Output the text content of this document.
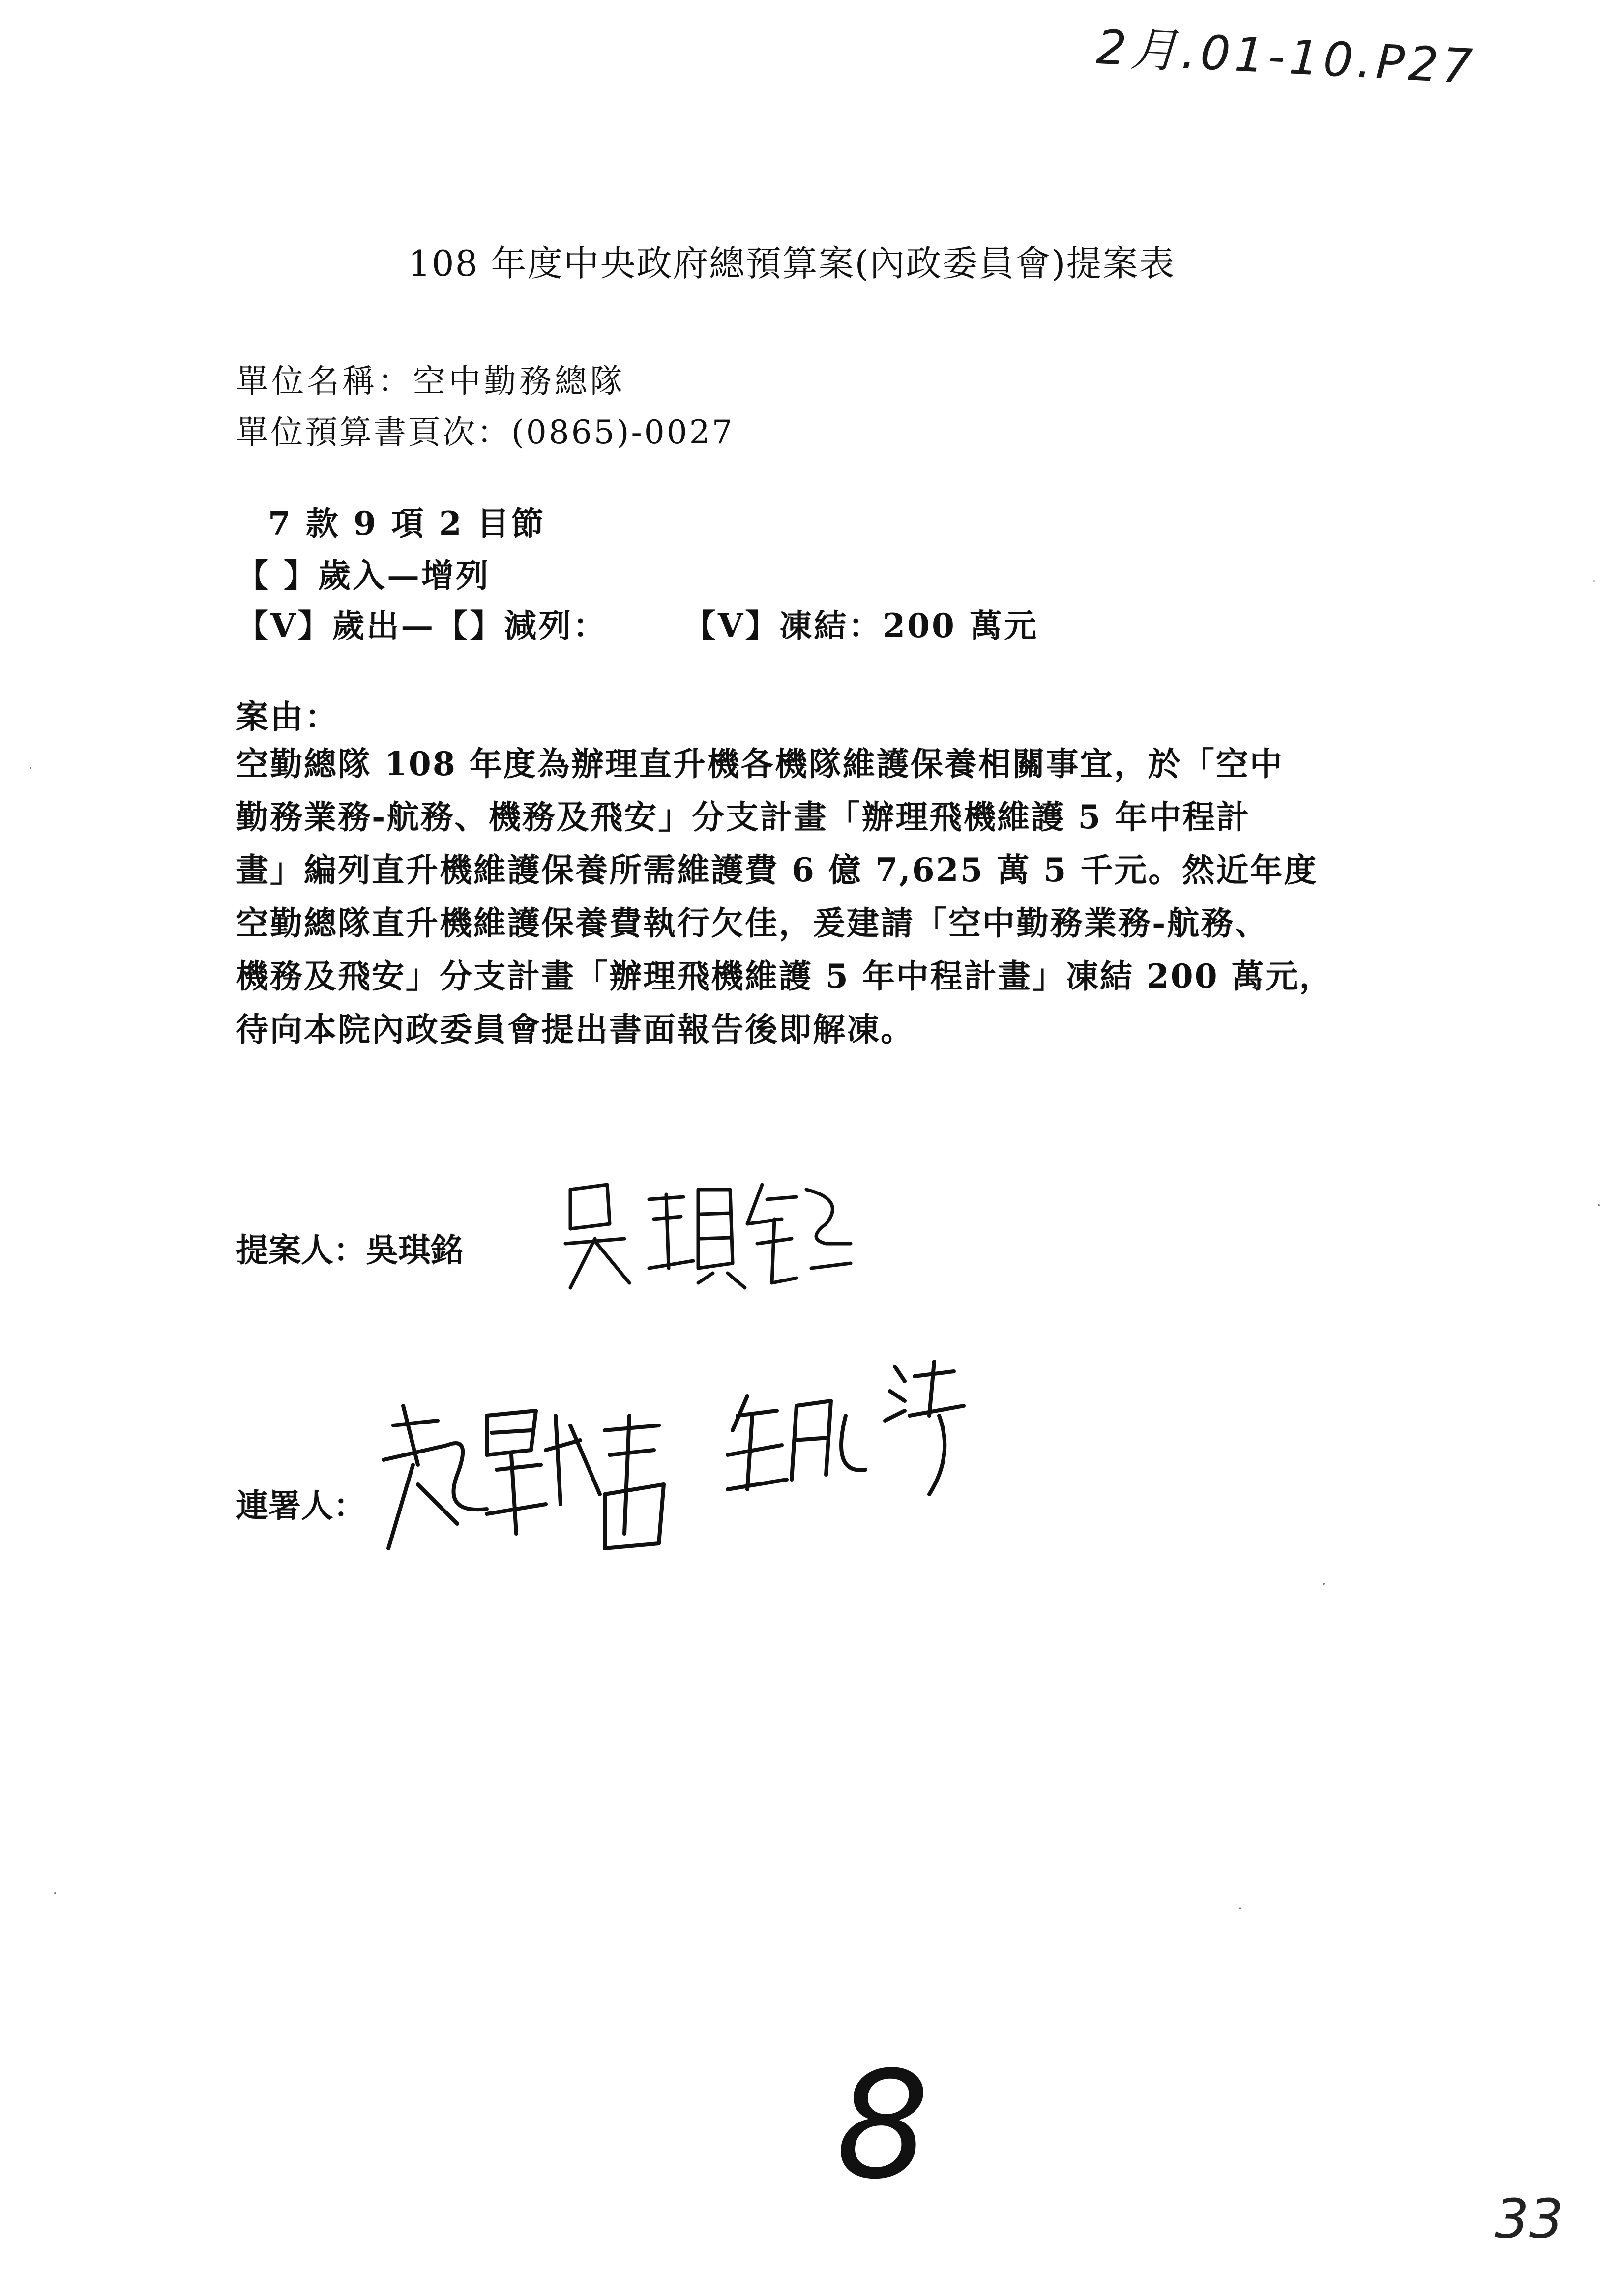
2月.01-10.P27
108 年度中央政府總預算案(內政委員會)提案表
單位名稱：空中勤務總隊
單位預算書頁次：(0865)-0027
7 款 9 項 2 目節
【 】歲入—增列
【V】歲出—【】減列： 【V】凍結：200 萬元
案由：
空勤總隊 108 年度為辦理直升機各機隊維護保養相關事宜，於「空中
勤務業務-航務、機務及飛安」分支計畫「辦理飛機維護 5 年中程計
畫」編列直升機維護保養所需維護費 6 億 7,625 萬 5 千元。然近年度
空勤總隊直升機維護保養費執行欠佳，爰建請「空中勤務業務-航務、
機務及飛安」分支計畫「辦理飛機維護 5 年中程計畫」凍結 200 萬元，
待向本院內政委員會提出書面報告後即解凍。
提案人：吳琪銘
連署人：
8
33
